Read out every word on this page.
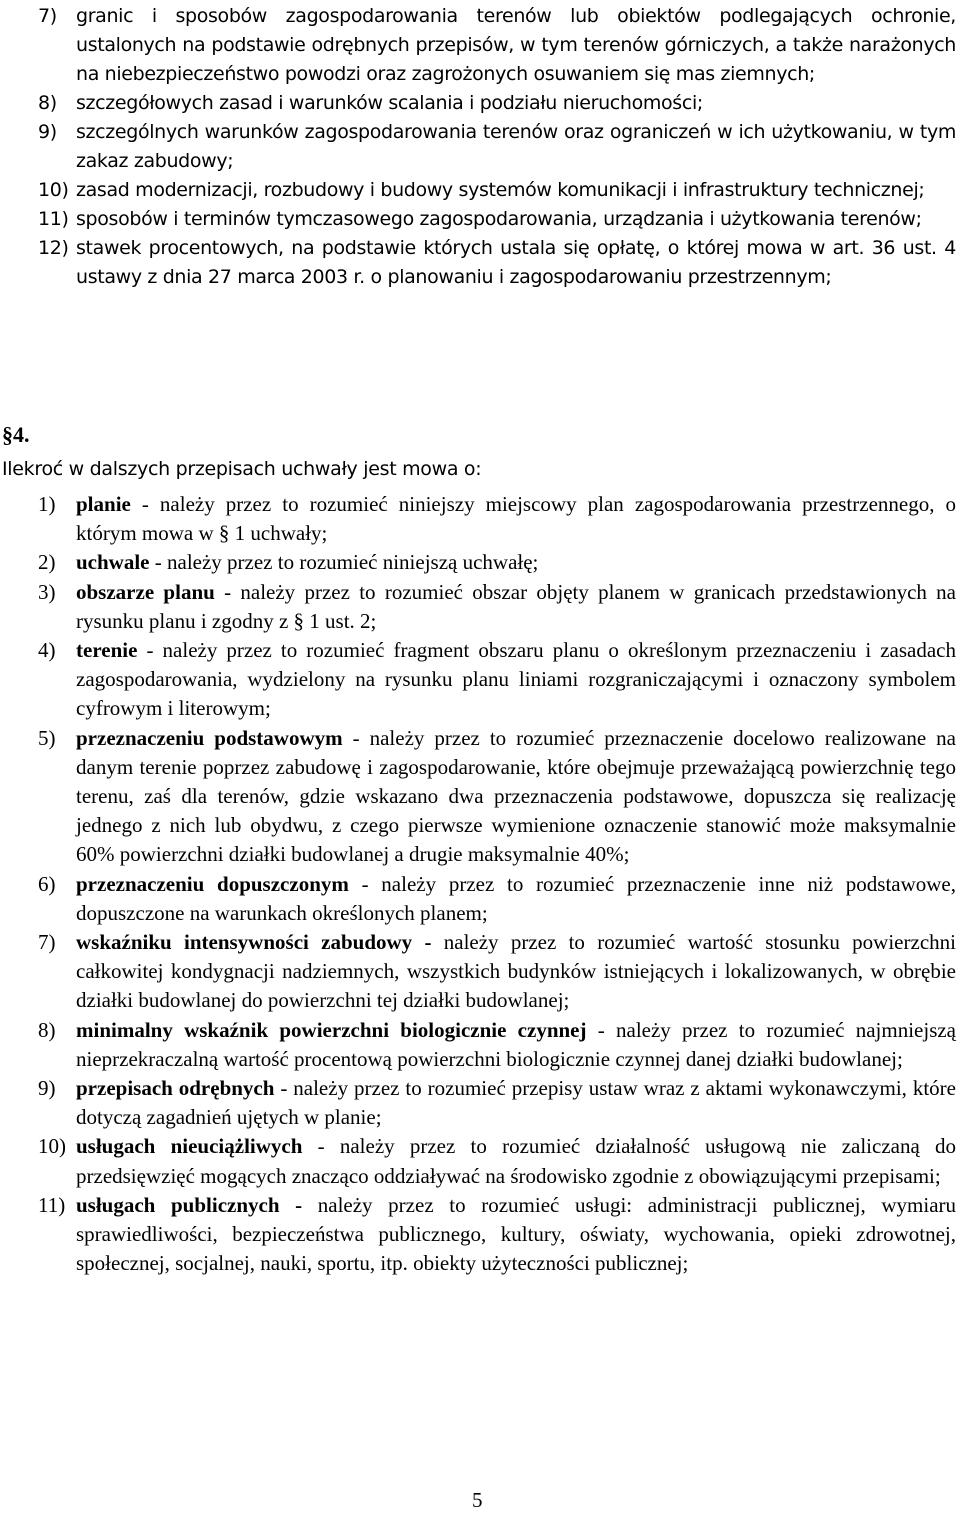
7) granic i sposobów zagospodarowania terenów lub obiektów podlegających ochronie, ustalonych na podstawie odrębnych przepisów, w tym terenów górniczych, a także narażonych na niebezpieczeństwo powodzi oraz zagrożonych osuwaniem się mas ziemnych;
8) szczegółowych zasad i warunków scalania i podziału nieruchomości;
9) szczególnych warunków zagospodarowania terenów oraz ograniczeń w ich użytkowaniu, w tym zakaz zabudowy;
10) zasad modernizacji, rozbudowy i budowy systemów komunikacji i infrastruktury technicznej;
11) sposobów i terminów tymczasowego zagospodarowania, urządzania i użytkowania terenów;
12) stawek procentowych, na podstawie których ustala się opłatę, o której mowa w art. 36 ust. 4 ustawy z dnia 27 marca 2003 r. o planowaniu i zagospodarowaniu przestrzennym;
§4.
Ilekroć w dalszych przepisach uchwały jest mowa o:
1) planie - należy przez to rozumieć niniejszy miejscowy plan zagospodarowania przestrzennego, o którym mowa w § 1 uchwały;
2) uchwale - należy przez to rozumieć niniejszą uchwałę;
3) obszarze planu - należy przez to rozumieć obszar objęty planem w granicach przedstawionych na rysunku planu i zgodny z § 1 ust. 2;
4) terenie - należy przez to rozumieć fragment obszaru planu o określonym przeznaczeniu i zasadach zagospodarowania, wydzielony na rysunku planu liniami rozgraniczającymi i oznaczony symbolem cyfrowym i literowym;
5) przeznaczeniu podstawowym - należy przez to rozumieć przeznaczenie docelowo realizowane na danym terenie poprzez zabudowę i zagospodarowanie, które obejmuje przeważającą powierzchnię tego terenu, zaś dla terenów, gdzie wskazano dwa przeznaczenia podstawowe, dopuszcza się realizację jednego z nich lub obydwu, z czego pierwsze wymienione oznaczenie stanowić może maksymalnie 60% powierzchni działki budowlanej a drugie maksymalnie 40%;
6) przeznaczeniu dopuszczonym - należy przez to rozumieć przeznaczenie inne niż podstawowe, dopuszczone na warunkach określonych planem;
7) wskaźniku intensywności zabudowy - należy przez to rozumieć wartość stosunku powierzchni całkowitej kondygnacji nadziemnych, wszystkich budynków istniejących i lokalizowanych, w obrębie działki budowlanej do powierzchni tej działki budowlanej;
8) minimalny wskaźnik powierzchni biologicznie czynnej - należy przez to rozumieć najmniejszą nieprzekraczalną wartość procentową powierzchni biologicznie czynnej danej działki budowlanej;
9) przepisach odrębnych - należy przez to rozumieć przepisy ustaw wraz z aktami wykonawczymi, które dotyczą zagadnień ujętych w planie;
10) usługach nieuciążliwych - należy przez to rozumieć działalność usługową nie zaliczaną do przedsięwzięć mogących znacząco oddziaływać na środowisko zgodnie z obowiązującymi przepisami;
11) usługach publicznych - należy przez to rozumieć usługi: administracji publicznej, wymiaru sprawiedliwości, bezpieczeństwa publicznego, kultury, oświaty, wychowania, opieki zdrowotnej, społecznej, socjalnej, nauki, sportu, itp. obiekty użyteczności publicznej;
5
